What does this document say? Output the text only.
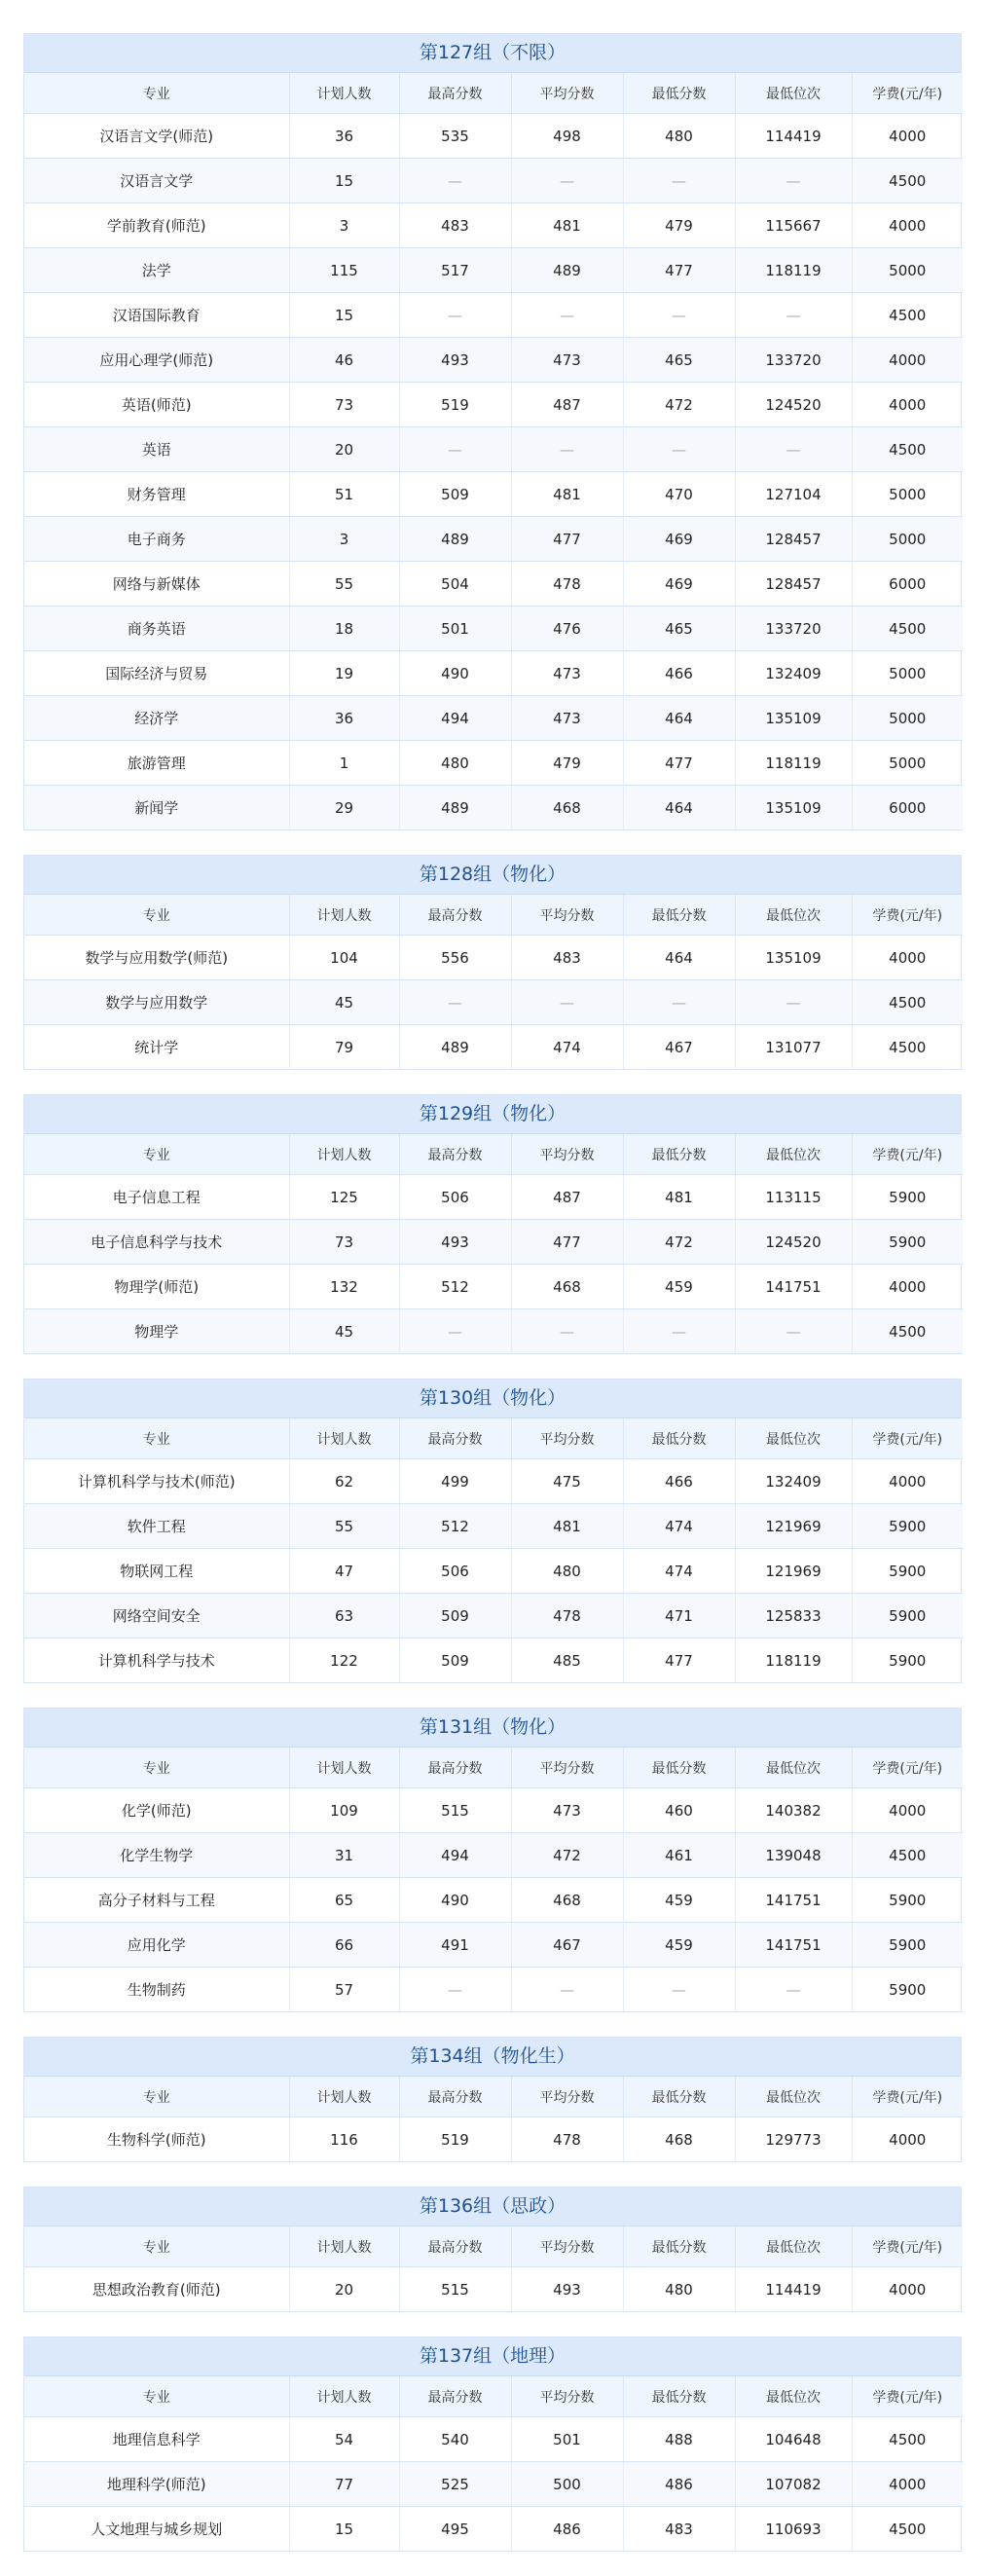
第127组（不限）
专业	计划人数	最高分数	平均分数	最低分数	最低位次	学费(元/年)
汉语言文学(师范)	36	535	498	480	114419	4000
汉语言文学	15	—	—	—	—	4500
学前教育(师范)	3	483	481	479	115667	4000
法学	115	517	489	477	118119	5000
汉语国际教育	15	—	—	—	—	4500
应用心理学(师范)	46	493	473	465	133720	4000
英语(师范)	73	519	487	472	124520	4000
英语	20	—	—	—	—	4500
财务管理	51	509	481	470	127104	5000
电子商务	3	489	477	469	128457	5000
网络与新媒体	55	504	478	469	128457	6000
商务英语	18	501	476	465	133720	4500
国际经济与贸易	19	490	473	466	132409	5000
经济学	36	494	473	464	135109	5000
旅游管理	1	480	479	477	118119	5000
新闻学	29	489	468	464	135109	6000
第128组（物化）
专业	计划人数	最高分数	平均分数	最低分数	最低位次	学费(元/年)
数学与应用数学(师范)	104	556	483	464	135109	4000
数学与应用数学	45	—	—	—	—	4500
统计学	79	489	474	467	131077	4500
第129组（物化）
专业	计划人数	最高分数	平均分数	最低分数	最低位次	学费(元/年)
电子信息工程	125	506	487	481	113115	5900
电子信息科学与技术	73	493	477	472	124520	5900
物理学(师范)	132	512	468	459	141751	4000
物理学	45	—	—	—	—	4500
第130组（物化）
专业	计划人数	最高分数	平均分数	最低分数	最低位次	学费(元/年)
计算机科学与技术(师范)	62	499	475	466	132409	4000
软件工程	55	512	481	474	121969	5900
物联网工程	47	506	480	474	121969	5900
网络空间安全	63	509	478	471	125833	5900
计算机科学与技术	122	509	485	477	118119	5900
第131组（物化）
专业	计划人数	最高分数	平均分数	最低分数	最低位次	学费(元/年)
化学(师范)	109	515	473	460	140382	4000
化学生物学	31	494	472	461	139048	4500
高分子材料与工程	65	490	468	459	141751	5900
应用化学	66	491	467	459	141751	5900
生物制药	57	—	—	—	—	5900
第134组（物化生）
专业	计划人数	最高分数	平均分数	最低分数	最低位次	学费(元/年)
生物科学(师范)	116	519	478	468	129773	4000
第136组（思政）
专业	计划人数	最高分数	平均分数	最低分数	最低位次	学费(元/年)
思想政治教育(师范)	20	515	493	480	114419	4000
第137组（地理）
专业	计划人数	最高分数	平均分数	最低分数	最低位次	学费(元/年)
地理信息科学	54	540	501	488	104648	4500
地理科学(师范)	77	525	500	486	107082	4000
人文地理与城乡规划	15	495	486	483	110693	4500
